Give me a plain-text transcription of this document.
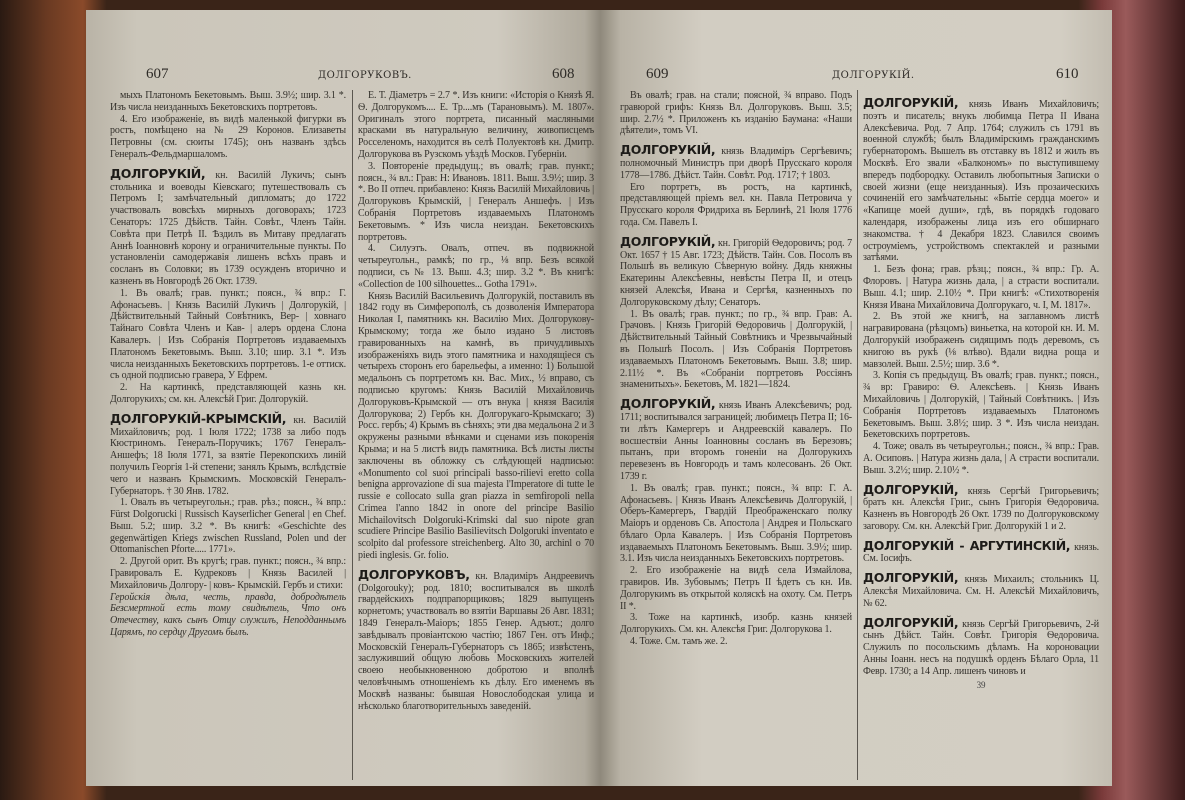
607	ДОЛГОРУКОВЪ.	608

мыхъ Платономъ Бекетовымъ. Выш. 3.9½; шир. 3.1 *. Изъ числа неизданныхъ Бекетовскихъ портретовъ.

4. Его изображеніе, въ видѣ маленькой фигурки въ ростъ, помѣщено на № 29 Коронов. Елизаветы Петровны (см. сюиты 1745); онъ названъ здѣсь Генералъ-Фельдмаршаломъ.

ДОЛГОРУКІЙ, кн. Василій Лукичъ; сынъ стольника и воеводы Кіевскаго; путешествовалъ съ Петромъ I; замѣчательный дипломатъ; до 1722 участвовалъ вовсѣхъ мирныхъ договорахъ; 1723 Сенаторъ: 1725 Дѣйств. Тайн. Совѣт., Членъ Тайн. Совѣта при Петрѣ II. Ѣздилъ въ Митаву предлагать Аннѣ Іоанновнѣ корону и ограничительные пункты. По установленіи самодержавія лишенъ всѣхъ правъ и сосланъ въ Соловки; въ 1739 осужденъ вторично и казненъ въ Новгородѣ 26 Окт. 1739.

1. Въ овалѣ; грав. пункт.; поясн., ¾ впр.: Г. Афонасьевъ. | Князь Василій Лукичъ | Долгорукій, | Дѣйствительный Тайный Совѣтникъ, Вер- | ховнаго Тайнаго Совѣта Членъ и Кав- | алеръ ордена Слона Кавалеръ. | Изъ Собранія Портретовъ издаваемыхъ Платономъ Бекетовымъ. Выш. 3.10; шир. 3.1 *. Изъ числа неизданныхъ Бекетовскихъ портретовъ. 1-е оттиск. съ одной подписью гравера, У Ефрем.

2. На картинкѣ, представляющей казнь кн. Долгорукихъ; см. кн. Алексѣй Григ. Долгорукій.

ДОЛГОРУКІЙ-КРЫМСКІЙ, кн. Василій Михайловичъ; род. 1 Іюля 1722; 1738 за либо подъ Кюстриномъ. Генералъ-Поручикъ; 1767 Генералъ-Аншефъ; 18 Іюля 1771, за взятіе Перекопскихъ линій получилъ Георгія 1-й степени; занялъ Крымъ, вслѣдствіе чего и названъ Крымскимъ. Московскій Генералъ-Губернаторъ. † 30 Янв. 1782.

1. Овалъ въ четыреугольн.; грав. рѣз.; поясн., ¾ впр.: Fürst Dolgorucki | Russisch Kayserlicher General | en Chef. Выш. 5.2; шир. 3.2 *. Въ книгѣ: «Geschichte des gegenwärtigen Kriegs zwischen Russland, Polen und der Ottomanischen Pforte..... 1771».

2. Другой орит. Въ кругѣ; грав. пункт.; поясн., ¾ впр.: Гравировалъ Е. Кудрековъ | Князь Василей | Михайловичь Долгору- | ковъ- Крымскій. Гербъ и стихи:

Геройскія дѣла, честь, правда, добродѣтель Безсмертной есть тому свидѣтель, Что онъ Отечеству, какъ сынъ Отцу служилъ, Неподданнымъ Царямъ, по сердцу Другомъ былъ.

Е. Т. Діаметръ = 2.7 *. Изъ книги: «Исторія о Князѣ Я. Ѳ. Долгорукомъ.... Е. Тр....мъ (Тарановымъ). М. 1807». Оригиналъ этого портрета, писанный масляными красками въ натуральную величину, живописцемъ Росселеномъ, находится въ селѣ Полуектовѣ кн. Дмитр. Долгорукова въ Рузскомъ уѣздѣ Москов. Губерніи.

3. Повтореніе предыдущ.; въ овалѣ; грав. пункт.; поясн., ¾ вл.: Грав: Н: Ивановъ. 1811. Выш. 3.9½; шир. 3 *. Во II отпеч. прибавлено: Князь Василій Михайловичь | Долгоруковъ Крымскій, | Генералъ Аншефъ. | Изъ Собранія Портретовъ издаваемыхъ Платономъ Бекетовымъ. * Изъ числа неиздан. Бекетовскихъ портретовъ.

4. Силуэтъ. Овалъ, отпеч. въ подвижной четыреугольн., рамкѣ; по гр., ⅛ впр. Безъ всякой подписи, съ № 13. Выш. 4.3; шир. 3.2 *. Въ книгѣ: «Collection de 100 silhouettes... Gotha 1791».

Князь Василій Васильевичъ Долгорукій, поставилъ въ 1842 году въ Симферополѣ, съ дозволенія Императора Николая I, памятникъ кн. Василію Мих. Долгорукову-Крымскому; тогда же было издано 5 листовъ гравированныхъ на камнѣ, въ причудливыхъ изображеніяхъ видъ этого памятника и находящіеся съ четырехъ сторонъ его барельефы, а именно: 1) Большой медальонъ съ портретомъ кн. Вас. Мих., ½ вправо, съ подписью кругомъ: Князь Василій Михайловичь Долгоруковъ-Крымской — отъ внука | князя Василія Долгорукова; 2) Гербъ кн. Долгорукаго-Крымскаго; 3) Росс. гербъ; 4) Крымъ въ сѣняхъ; эти два медальона 2 и 3 окружены разными вѣнками и сценами изъ покоренія Крыма; и на 5 листѣ видъ памятника. Всѣ листы листы заключены въ обложку съ слѣдующей надписью: «Monumento col suoi principali basso-rilievi eretto colla benigna approvazione di sua majesta l'Imperatore di tutte le russie e collocato sulla gran piazza in semfiropoli nella Crimea l'anno 1842 in onore del principe Basilio Michailovitsch Dolgoruki-Krimski dal suo nipote gran scudiere Principe Basilio Basilievitsch Dolgoruki inventato e scolpito dal professore streichenberg. Alto 30, archinl o 70 piedi inglesis. Gr. folio.

ДОЛГОРУКОВЪ, кн. Владиміръ Андреевичъ (Dolgorouky); род. 1810; воспитывался въ школѣ гвардейскихъ подпрапорщиковъ; 1829 выпущенъ корнетомъ; участвовалъ во взятіи Варшавы 26 Авг. 1831; 1849 Генералъ-Маіоръ; 1855 Генер. Адъют.; долго завѣдывалъ провіантскою частію; 1867 Ген. отъ Инф.; Московскій Генералъ-Губернаторъ съ 1865; извѣстенъ, заслуживший общую любовь Московскихъ жителей своею необыкновенною добротою и вполнѣ человѣчнымъ отношеніемъ къ дѣлу. Его именемъ въ Москвѣ названы: бывшая Новослободская улица и нѣсколько благотворительныхъ заведеній.

609	ДОЛГОРУКІЙ.	610

Въ овалѣ; грав. на стали; поясной, ¾ вправо. Подъ гравюрой грифъ: Князь Вл. Долгоруковъ. Выш. 3.5; шир. 2.7½ *. Приложенъ къ изданію Баумана: «Наши дѣятели», томъ VI.

ДОЛГОРУКІЙ, князь Владиміръ Сергѣевичъ; полномочный Министръ при дворѣ Прусскаго короля 1778—1786. Дѣйст. Тайн. Совѣт. Род. 1717; † 1803.

Его портретъ, въ ростъ, на картинкѣ, представляющей пріемъ вел. кн. Павла Петровича у Прусскаго короля Фридриха въ Берлинѣ, 21 Іюля 1776 года. См. Павелъ I.

ДОЛГОРУКІЙ, кн. Григорій Ѳедоровичъ; род. 7 Окт. 1657 † 15 Авг. 1723; Дѣйств. Тайн. Сов. Посолъ въ Польшѣ въ великую Сѣверную войну. Дядь княжны Екатерины Алексѣевны, невѣсты Петра II, и отецъ князей Алексѣя, Ивана и Сергѣя, казненныхъ по Долгоруковскому дѣлу; Сенаторъ.

1. Въ овалѣ; грав. пункт.; по гр., ¾ впр. Грав: А. Грачовъ. | Князь Григорій Ѳедоровичь | Долгорукій, | Дѣйствительный Тайный Совѣтникъ и Чрезвычайный въ Польшѣ Посолъ. | Изъ Собранія Портретовъ издаваемыхъ Платономъ Бекетовымъ. Выш. 3.8; шир. 2.11½ *. Въ «Собраніи портретовъ Россіянъ знаменитыхъ». Бекетовъ, М. 1821—1824.

ДОЛГОРУКІЙ, князь Иванъ Алексѣевичъ; род. 1711; воспитывался заграницей; любимецъ Петра II; 16-ти лѣтъ Камергеръ и Андреевскій кавалеръ. По восшествіи Анны Іоанновны сосланъ въ Березовъ; пытанъ, при второмъ гоненіи на Долгорукихъ перевезенъ въ Новгородъ и тамъ колесованъ. 26 Окт. 1739 г.

1. Въ овалѣ; грав. пункт.; поясн., ¾ впр: Г. А. Афонасьевъ. | Князь Иванъ Алексѣевичь Долгорукій, | Оберъ-Камергеръ, Гвардій Преображенскаго полку Маіоръ и орденовъ Св. Апостола | Андрея и Польскаго бѣлаго Орла Кавалеръ. | Изъ Собранія Портретовъ издаваемыхъ Платономъ Бекетовымъ. Выш. 3.9½; шир. 3.1. Изъ числа неизданныхъ Бекетовскихъ портретовъ.

2. Его изображеніе на видѣ села Измайлова, гравиров. Ив. Зубовымъ; Петръ II ѣдетъ съ кн. Ив. Долгорукимъ въ открытой коляскѣ на охоту. См. Петръ II *.

3. Тоже на картинкѣ, изобр. казнь князей Долгорукихъ. См. кн. Алексѣя Григ. Долгорукова 1.

4. Тоже. См. тамъ же. 2.

ДОЛГОРУКІЙ, князь Иванъ Михайловичъ; поэтъ и писатель; внукъ любимца Петра II Ивана Алексѣевича. Род. 7 Апр. 1764; служилъ съ 1791 въ военной службѣ; былъ Владимірскимъ гражданскимъ губернаторомъ. Вышелъ въ отставку въ 1812 и жилъ въ Москвѣ. Его звали «Балкономъ» по выступившему впередъ подбородку. Оставилъ любопытныя Записки о своей жизни (еще неизданныя). Изъ прозаическихъ сочиненій его замѣчательны: «Бытіе сердца моего» и «Капище моей души», гдѣ, въ порядкѣ годоваго календаря, изображены лица изъ его обширнаго знакомства. † 4 Декабря 1823. Славился своимъ остроуміемъ, устройствомъ спектаклей и разными затѣями.

1. Безъ фона; грав. рѣзц.; поясн., ¾ впр.: Гр. А. Флоровъ. | Натура жизнь дала, | а страсти воспитали. Выш. 4.1; шир. 2.10½ *. При книгѣ: «Стихотворенія Князя Ивана Михайловича Долгорукаго, ч. I, М. 1817».

2. Въ этой же книгѣ, на заглавномъ листѣ награвирована (рѣзцомъ) виньетка, на которой кн. И. М. Долгорукій изображенъ сидящимъ подъ деревомъ, съ книгою въ рукѣ (⅛ влѣво). Вдали видна роща и мавзолей. Выш. 2.5½; шир. 3.6 *.

3. Копія съ предыдущ. Въ овалѣ; грав. пункт.; поясн., ¾ вр: Гравиро: Ѳ. Алексѣевъ. | Князь Иванъ Михайловичь | Долгорукій, | Тайный Совѣтникъ. | Изъ Собранія Портретовъ издаваемыхъ Платономъ Бекетовымъ. Выш. 3.8½; шир. 3 *. Изъ числа неиздан. Бекетовскихъ портретовъ.

4. Тоже; овалъ въ четыреугольн.; поясн., ¾ впр.: Грав. А. Осиповъ. | Натура жизнь дала, | А страсти воспитали. Выш. 3.2½; шир. 2.10½ *.

ДОЛГОРУКІЙ, князь Сергѣй Григорьевичъ; братъ кн. Алексѣя Григ., сынъ Григорія Ѳедоровича. Казненъ въ Новгородѣ 26 Окт. 1739 по Долгоруковскому заговору. См. кн. Алексѣй Григ. Долгорукій 1 и 2.

ДОЛГОРУКІЙ - АРГУТИНСКІЙ, князь. См. Іосифъ.

ДОЛГОРУКІЙ, князь Михаилъ; стольникъ Ц. Алексѣя Михайловича. См. Н. Алексѣй Михайловичъ, № 62.

ДОЛГОРУКІЙ, князь Сергѣй Григорьевичъ, 2-й сынъ Дѣйст. Тайн. Совѣт. Григорія Ѳедоровича. Служилъ по посольскимъ дѣламъ. На короновации Анны Іоанн. несъ на подушкѣ орденъ Бѣлаго Орла, 11 Февр. 1730; а 14 Апр. лишенъ чиновъ и

39
